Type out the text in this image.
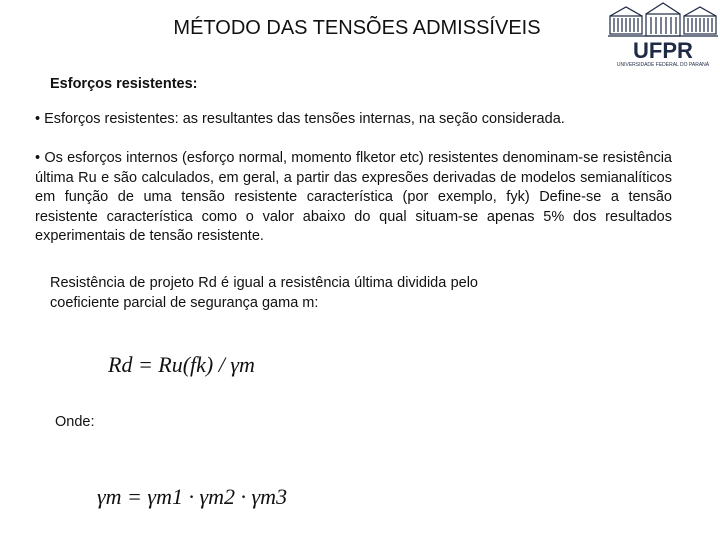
MÉTODO DAS TENSÕES ADMISSÍVEIS
UFPR
UNIVERSIDADE FEDERAL DO PARANÁ
Esforços resistentes:
• Esforços resistentes: as resultantes das tensões internas, na seção considerada.
• Os esforços internos (esforço normal, momento flketor etc) resistentes denominam-se resistência última Ru e são calculados, em geral, a partir das expresões derivadas de modelos semianalíticos em função de uma tensão resistente característica (por exemplo, fyk) Define-se a tensão resistente característica como o valor abaixo do qual situam-se apenas 5% dos resultados experimentais de tensão resistente.
Resistência de projeto Rd é igual a resistência última dividida pelo coeficiente parcial de segurança gama m:
Rd = Ru(fk) / γm
Onde:
γm = γm1 · γm2 · γm3
